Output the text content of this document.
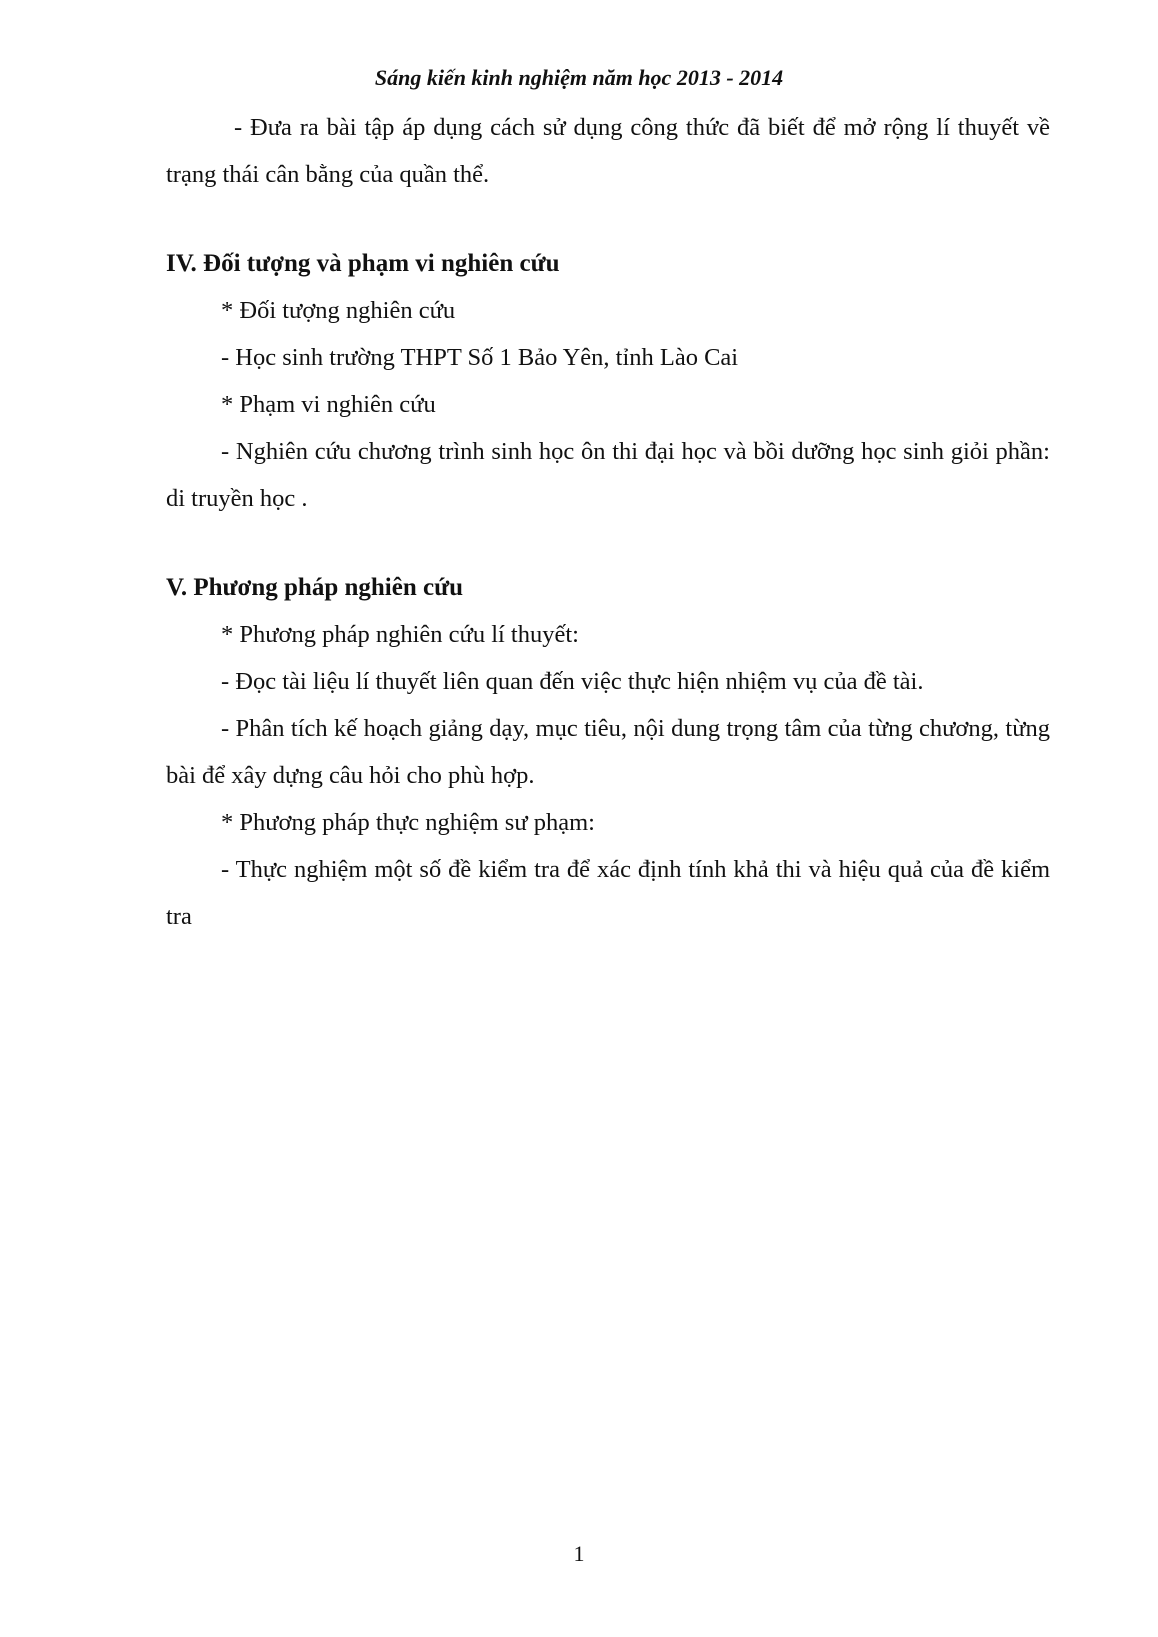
Sáng kiến kinh nghiệm năm học 2013 - 2014

- Đưa ra bài tập áp dụng cách sử dụng công thức đã biết để mở rộng lí thuyết về trạng thái cân bằng của quần thể.

IV. Đối tượng và phạm vi nghiên cứu

* Đối tượng nghiên cứu

- Học sinh trường THPT Số 1 Bảo Yên, tỉnh Lào Cai

* Phạm vi nghiên cứu

- Nghiên cứu chương trình sinh học ôn thi đại học và bồi dưỡng học sinh giỏi phần: di truyền học .

V. Phương pháp nghiên cứu

* Phương pháp nghiên cứu lí thuyết:

- Đọc tài liệu lí thuyết liên quan đến việc thực hiện nhiệm vụ của đề tài.

- Phân tích kế hoạch giảng dạy, mục tiêu, nội dung trọng tâm của từng chương, từng bài để xây dựng câu hỏi cho phù hợp.

* Phương pháp thực nghiệm sư phạm:

- Thực nghiệm một số đề kiểm tra để xác định tính khả thi và hiệu quả của đề kiểm tra

1
